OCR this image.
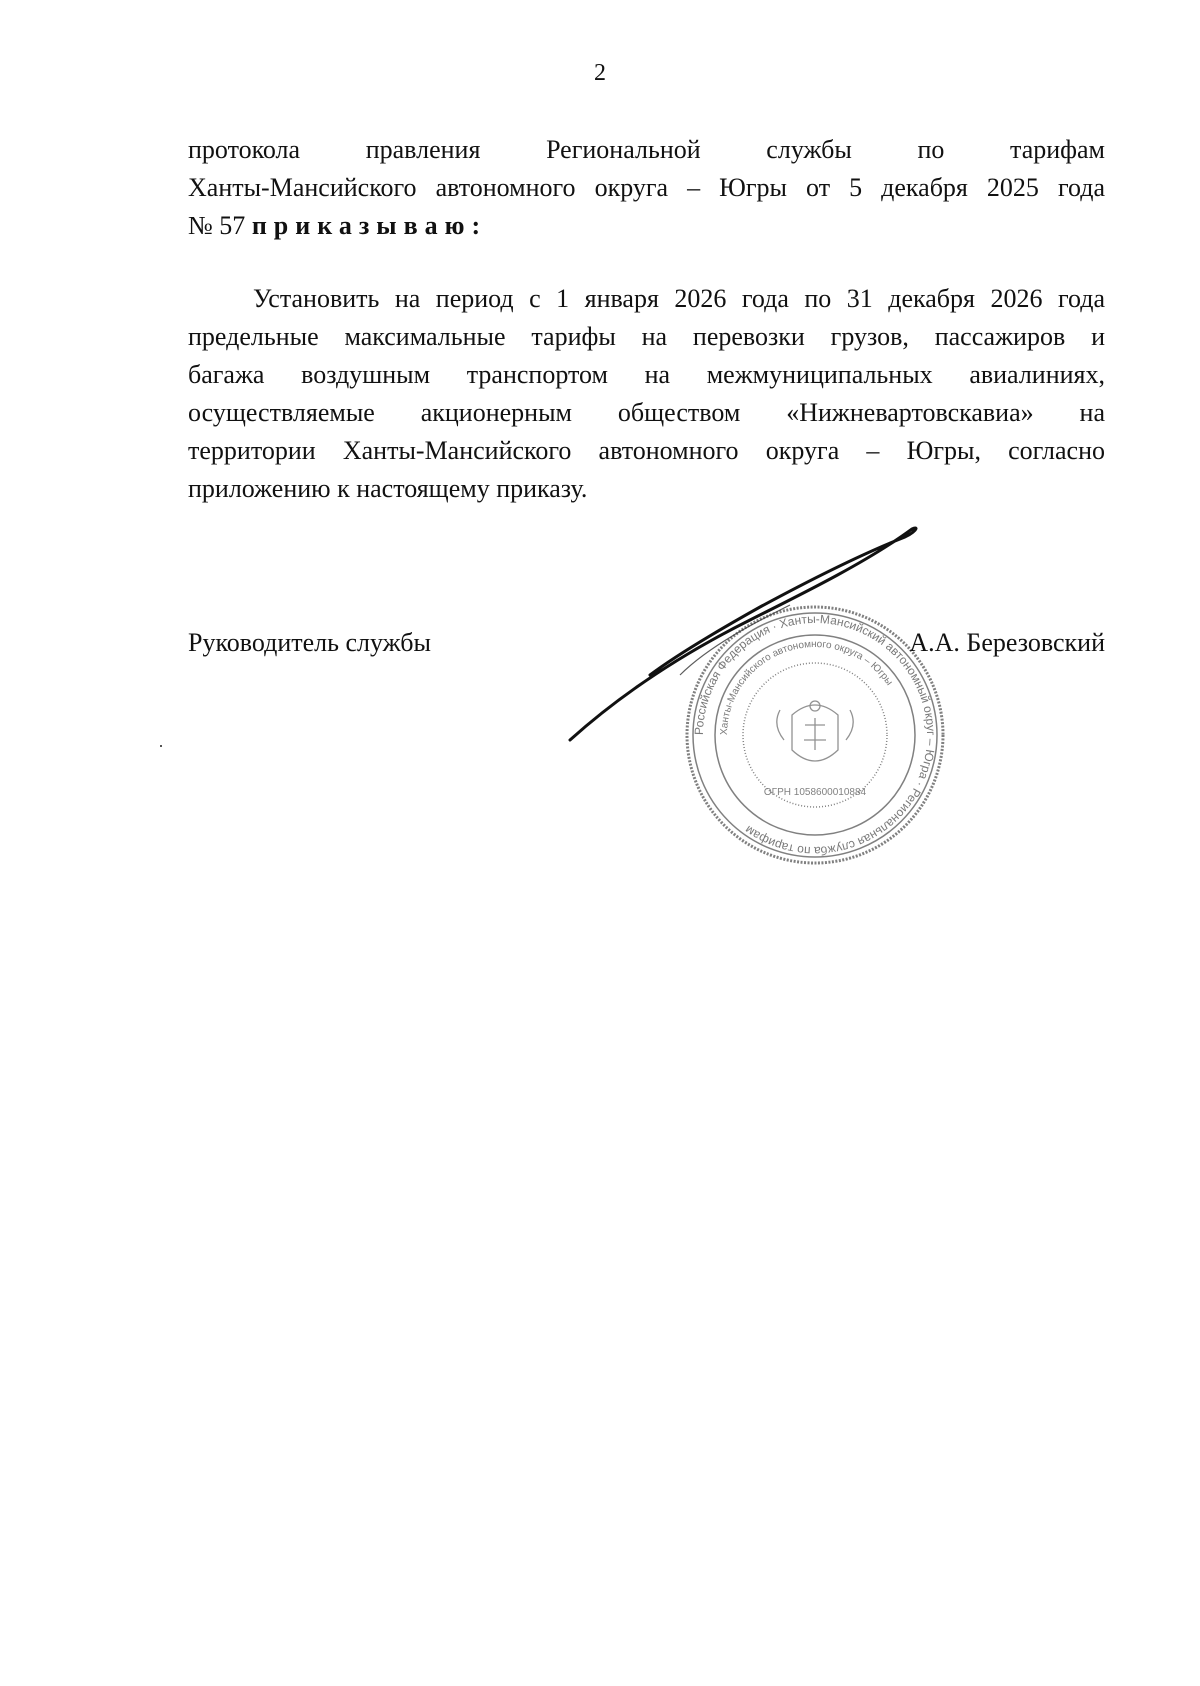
2
протокола правления Региональной службы по тарифам
Ханты-Мансийского автономного округа – Югры от 5 декабря 2025 года
№ 57 приказываю:
Установить на период с 1 января 2026 года по 31 декабря 2026 года
предельные максимальные тарифы на перевозки грузов, пассажиров и
багажа воздушным транспортом на межмуниципальных авиалиниях,
осуществляемые акционерным обществом «Нижневартовскавиа» на
территории Ханты-Мансийского автономного округа – Югры, согласно
приложению к настоящему приказу.
Российская Федерация · Ханты-Мансийский автономный округ – Югра · Региональная служба по тарифам
Ханты-Мансийского автономного округа – Югры
ОГРН 1058600010884
Руководитель службы	А.А. Березовский
